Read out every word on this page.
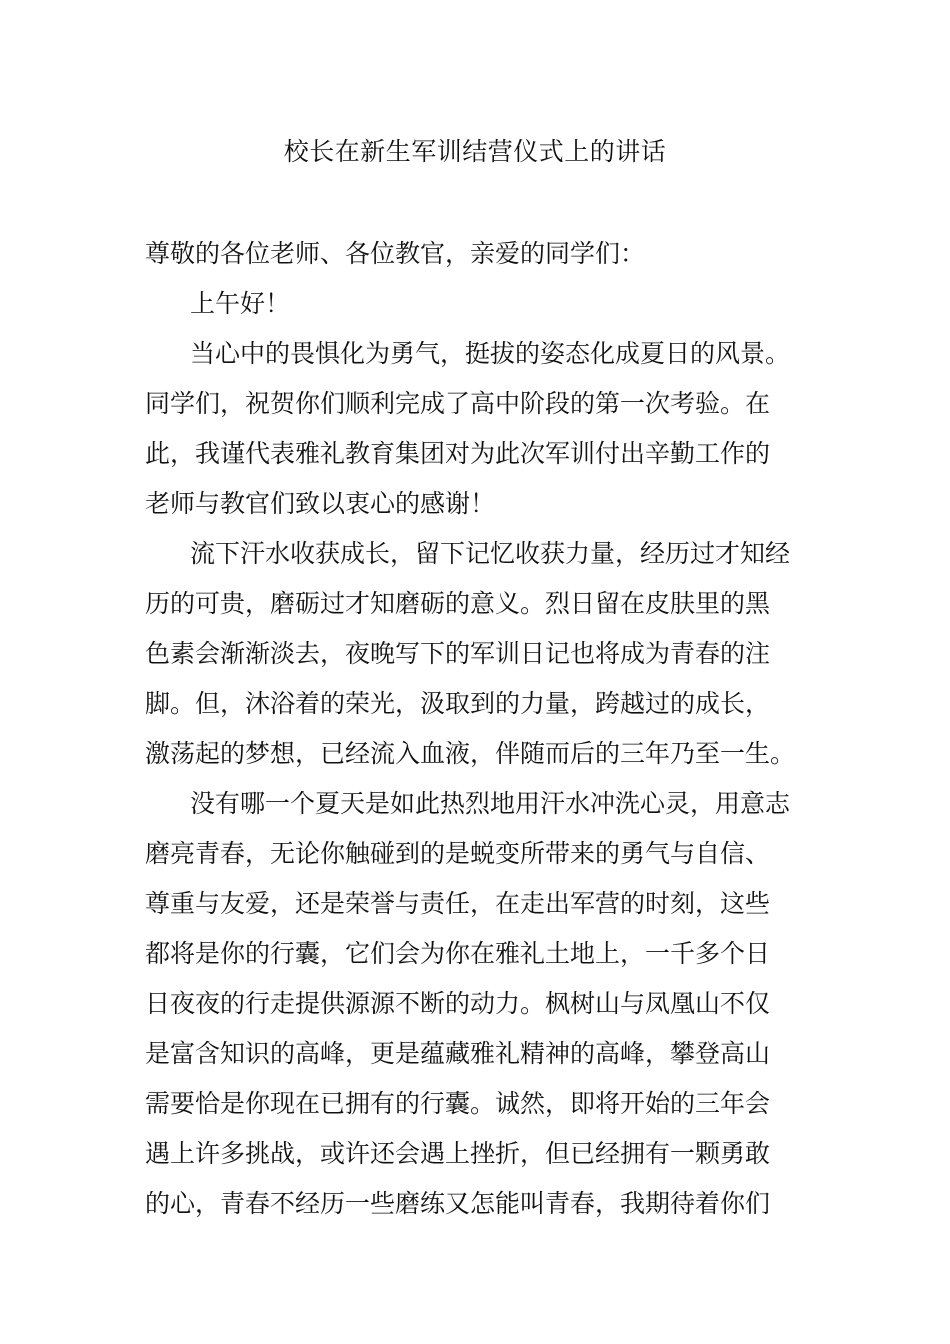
校长在新生军训结营仪式上的讲话
尊敬的各位老师、各位教官，亲爱的同学们：
上午好！
当心中的畏惧化为勇气，挺拔的姿态化成夏日的风景。
同学们，祝贺你们顺利完成了高中阶段的第一次考验。在
此，我谨代表雅礼教育集团对为此次军训付出辛勤工作的
老师与教官们致以衷心的感谢！
流下汗水收获成长，留下记忆收获力量，经历过才知经
历的可贵，磨砺过才知磨砺的意义。烈日留在皮肤里的黑
色素会渐渐淡去，夜晚写下的军训日记也将成为青春的注
脚。但，沐浴着的荣光，汲取到的力量，跨越过的成长，
激荡起的梦想，已经流入血液，伴随而后的三年乃至一生。
没有哪一个夏天是如此热烈地用汗水冲洗心灵，用意志
磨亮青春，无论你触碰到的是蜕变所带来的勇气与自信、
尊重与友爱，还是荣誉与责任，在走出军营的时刻，这些
都将是你的行囊，它们会为你在雅礼土地上，一千多个日
日夜夜的行走提供源源不断的动力。枫树山与凤凰山不仅
是富含知识的高峰，更是蕴藏雅礼精神的高峰，攀登高山
需要恰是你现在已拥有的行囊。诚然，即将开始的三年会
遇上许多挑战，或许还会遇上挫折，但已经拥有一颗勇敢
的心，青春不经历一些磨练又怎能叫青春，我期待着你们
